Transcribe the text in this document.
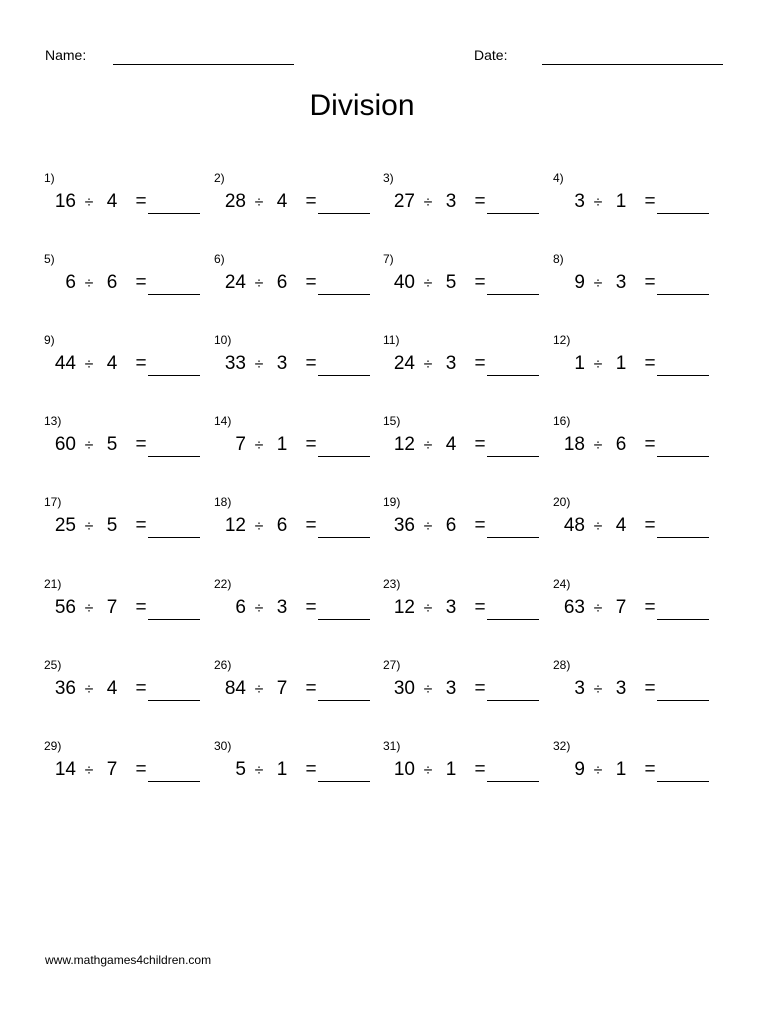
Name:	Date:
Division
1)
16 ÷ 4 =
2)
28 ÷ 4 =
3)
27 ÷ 3 =
4)
3 ÷ 1 =
5)
6 ÷ 6 =
6)
24 ÷ 6 =
7)
40 ÷ 5 =
8)
9 ÷ 3 =
9)
44 ÷ 4 =
10)
33 ÷ 3 =
11)
24 ÷ 3 =
12)
1 ÷ 1 =
13)
60 ÷ 5 =
14)
7 ÷ 1 =
15)
12 ÷ 4 =
16)
18 ÷ 6 =
17)
25 ÷ 5 =
18)
12 ÷ 6 =
19)
36 ÷ 6 =
20)
48 ÷ 4 =
21)
56 ÷ 7 =
22)
6 ÷ 3 =
23)
12 ÷ 3 =
24)
63 ÷ 7 =
25)
36 ÷ 4 =
26)
84 ÷ 7 =
27)
30 ÷ 3 =
28)
3 ÷ 3 =
29)
14 ÷ 7 =
30)
5 ÷ 1 =
31)
10 ÷ 1 =
32)
9 ÷ 1 =
www.mathgames4children.com
